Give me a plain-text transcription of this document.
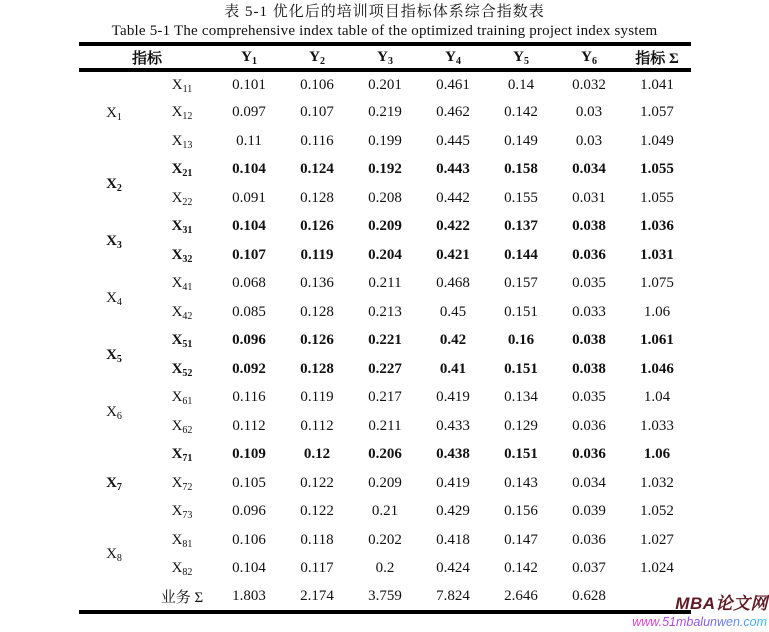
表 5-1 优化后的培训项目指标体系综合指数表
Table 5-1 The comprehensive index table of the optimized training project index system
指标		$Y_1$	$Y_2$	$Y_3$	$Y_4$	$Y_5$	$Y_6$	指标 Σ
$X_1$	$X_{11}$	0.101	0.106	0.201	0.461	0.14	0.032	1.041
	$X_{12}$	0.097	0.107	0.219	0.462	0.142	0.03	1.057
	$X_{13}$	0.11	0.116	0.199	0.445	0.149	0.03	1.049
$X_2$	$X_{21}$	0.104	0.124	0.192	0.443	0.158	0.034	1.055
	$X_{22}$	0.091	0.128	0.208	0.442	0.155	0.031	1.055
$X_3$	$X_{31}$	0.104	0.126	0.209	0.422	0.137	0.038	1.036
	$X_{32}$	0.107	0.119	0.204	0.421	0.144	0.036	1.031
$X_4$	$X_{41}$	0.068	0.136	0.211	0.468	0.157	0.035	1.075
	$X_{42}$	0.085	0.128	0.213	0.45	0.151	0.033	1.06
$X_5$	$X_{51}$	0.096	0.126	0.221	0.42	0.16	0.038	1.061
	$X_{52}$	0.092	0.128	0.227	0.41	0.151	0.038	1.046
$X_6$	$X_{61}$	0.116	0.119	0.217	0.419	0.134	0.035	1.04
	$X_{62}$	0.112	0.112	0.211	0.433	0.129	0.036	1.033
$X_7$	$X_{71}$	0.109	0.12	0.206	0.438	0.151	0.036	1.06
	$X_{72}$	0.105	0.122	0.209	0.419	0.143	0.034	1.032
	$X_{73}$	0.096	0.122	0.21	0.429	0.156	0.039	1.052
$X_8$	$X_{81}$	0.106	0.118	0.202	0.418	0.147	0.036	1.027
	$X_{82}$	0.104	0.117	0.2	0.424	0.142	0.037	1.024
	业务 Σ	1.803	2.174	3.759	7.824	2.646	0.628		MBA论文网
www.51mbalunwen.com
